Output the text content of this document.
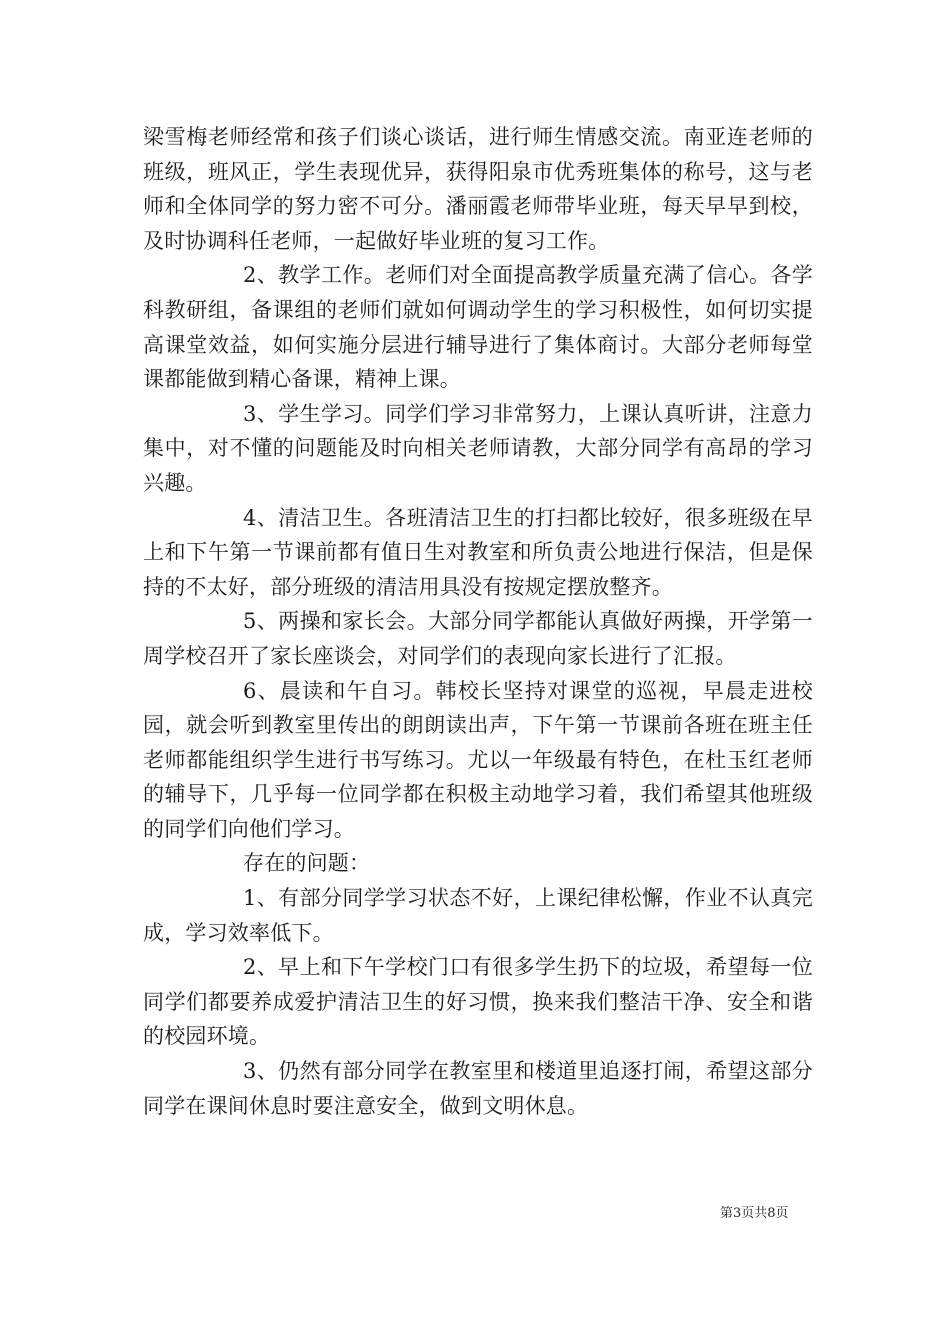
梁雪梅老师经常和孩子们谈心谈话，进行师生情感交流。南亚连老师的班级，班风正，学生表现优异，获得阳泉市优秀班集体的称号，这与老师和全体同学的努力密不可分。潘丽霞老师带毕业班，每天早早到校，及时协调科任老师，一起做好毕业班的复习工作。

2、教学工作。老师们对全面提高教学质量充满了信心。各学科教研组，备课组的老师们就如何调动学生的学习积极性，如何切实提高课堂效益，如何实施分层进行辅导进行了集体商讨。大部分老师每堂课都能做到精心备课，精神上课。

3、学生学习。同学们学习非常努力，上课认真听讲，注意力集中，对不懂的问题能及时向相关老师请教，大部分同学有高昂的学习兴趣。

4、清洁卫生。各班清洁卫生的打扫都比较好，很多班级在早上和下午第一节课前都有值日生对教室和所负责公地进行保洁，但是保持的不太好，部分班级的清洁用具没有按规定摆放整齐。

5、两操和家长会。大部分同学都能认真做好两操，开学第一周学校召开了家长座谈会，对同学们的表现向家长进行了汇报。

6、晨读和午自习。韩校长坚持对课堂的巡视，早晨走进校园，就会听到教室里传出的朗朗读出声，下午第一节课前各班在班主任老师都能组织学生进行书写练习。尤以一年级最有特色，在杜玉红老师的辅导下，几乎每一位同学都在积极主动地学习着，我们希望其他班级的同学们向他们学习。

存在的问题：

1、有部分同学学习状态不好，上课纪律松懈，作业不认真完成，学习效率低下。

2、早上和下午学校门口有很多学生扔下的垃圾，希望每一位同学们都要养成爱护清洁卫生的好习惯，换来我们整洁干净、安全和谐的校园环境。

3、仍然有部分同学在教室里和楼道里追逐打闹，希望这部分同学在课间休息时要注意安全，做到文明休息。

第3页共8页
